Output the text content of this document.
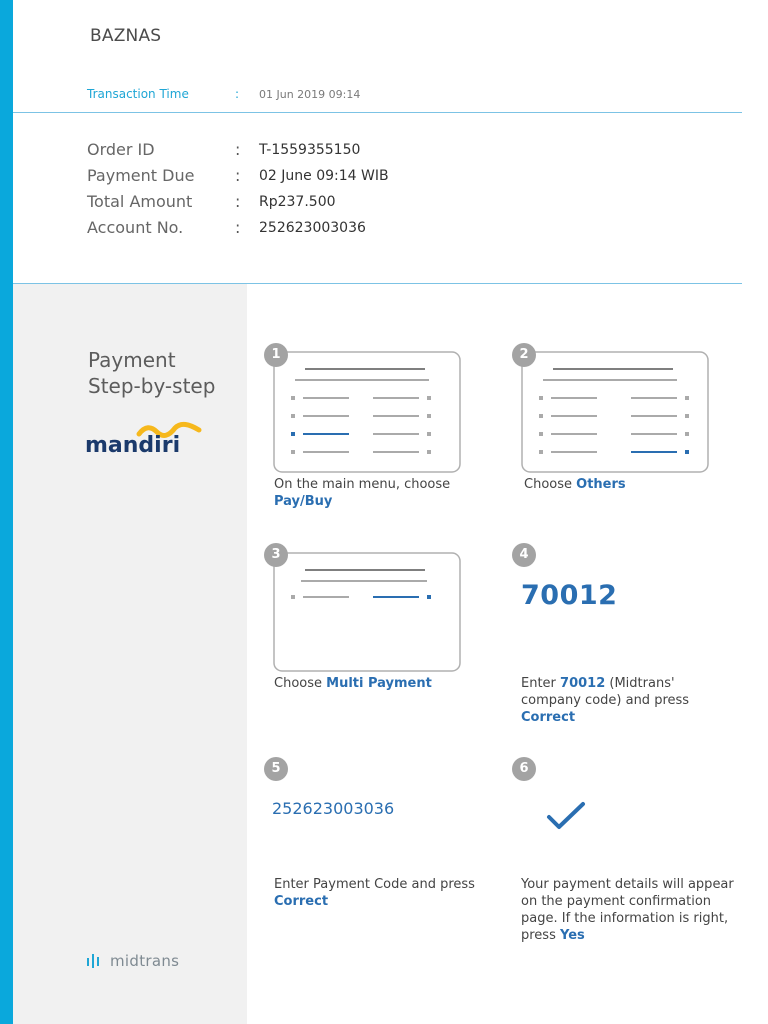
BAZNAS
Transaction Time	: 01 Jun 2019 09:14
Order ID	: T-1559355150
Payment Due	: 02 June 09:14 WIB
Total Amount	: Rp237.500
Account No.	: 252623003036
Payment
Step-by-step
mandiri
midtrans
1
On the main menu, choose Pay/Buy
2
Choose Others
3
Choose Multi Payment
4
70012
Enter 70012 (Midtrans' company code) and press Correct
5
252623003036
Enter Payment Code and press Correct
6
Your payment details will appear on the payment confirmation page. If the information is right, press Yes
